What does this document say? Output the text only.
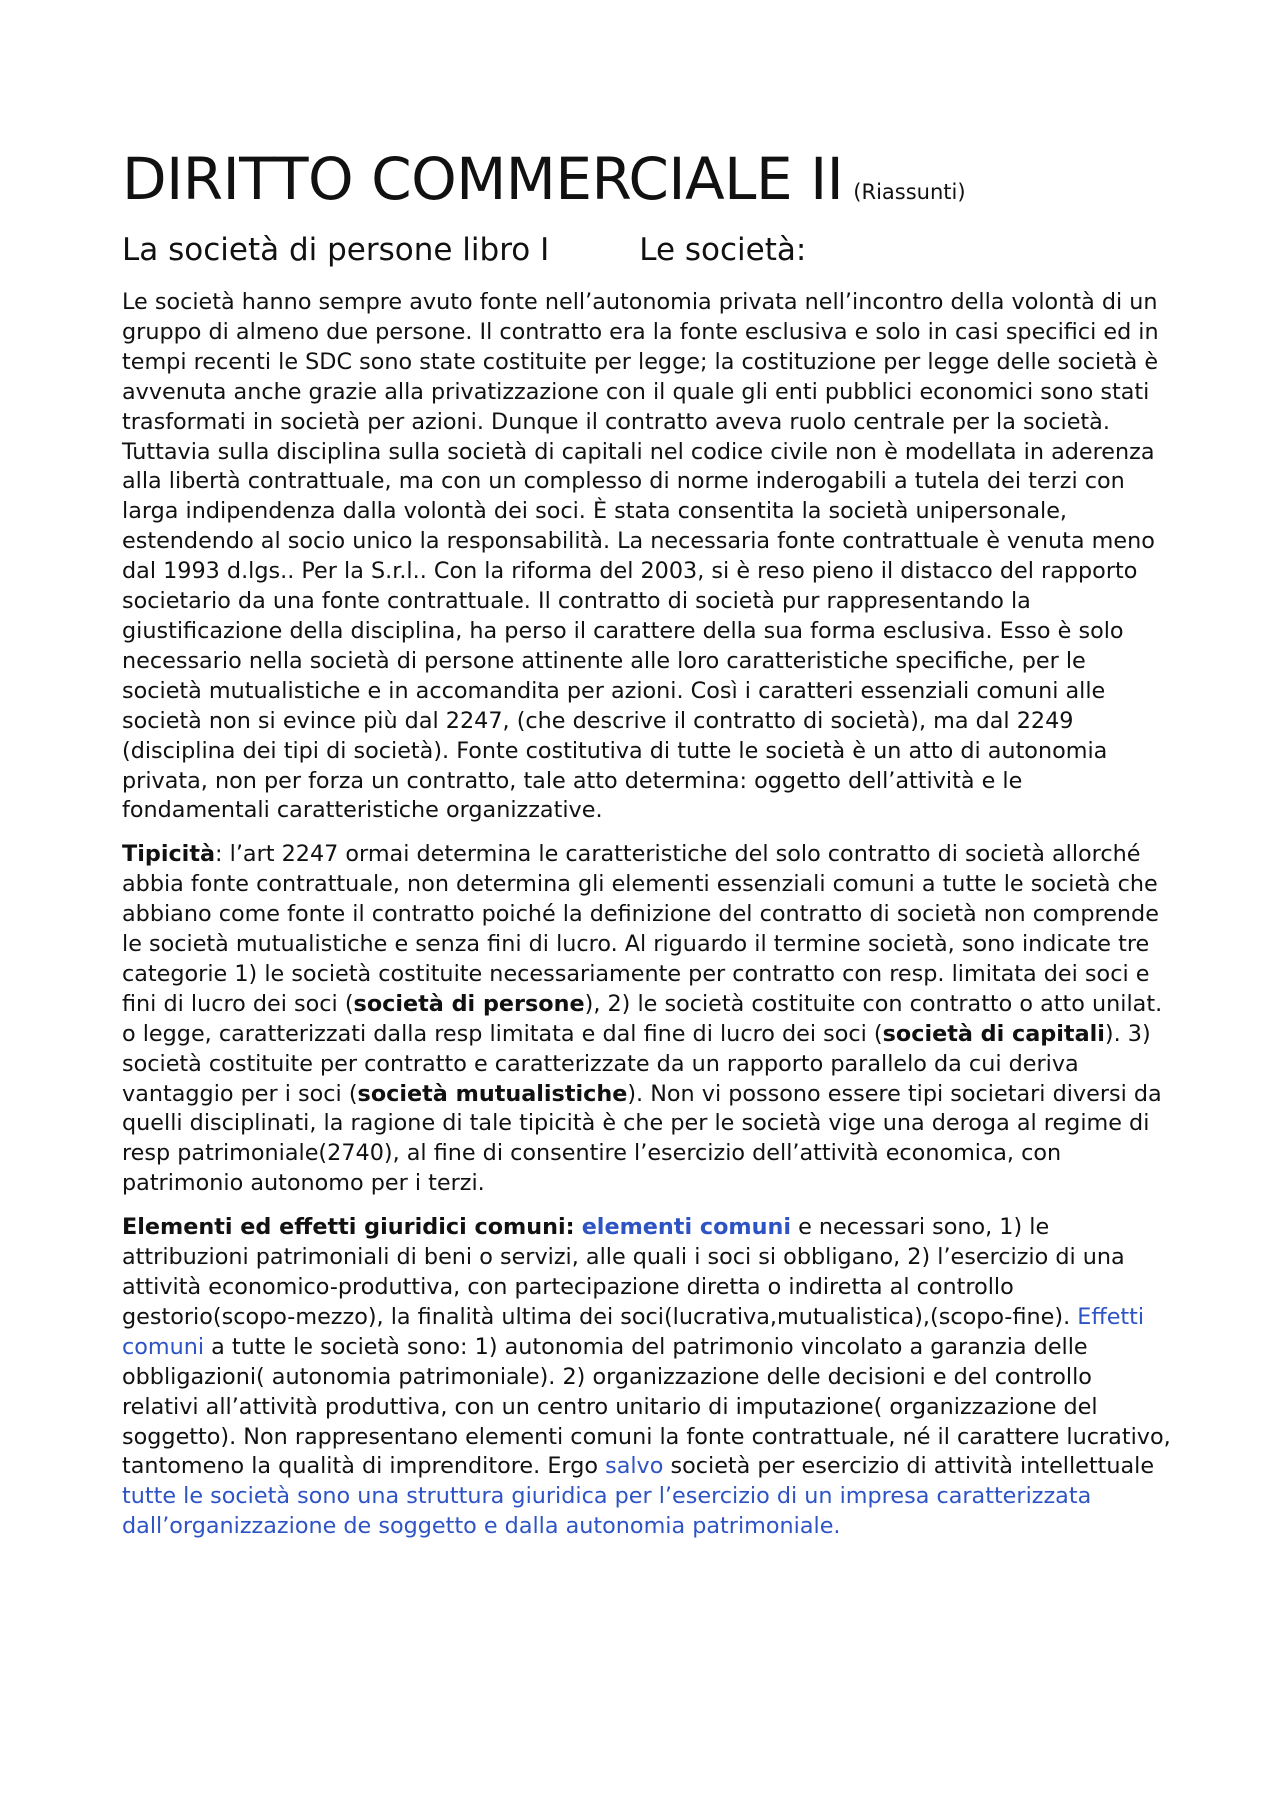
DIRITTO COMMERCIALE II (Riassunti)
La società di persone libro I	Le società:

Le società hanno sempre avuto fonte nell’autonomia privata nell’incontro della volontà di un gruppo di almeno due persone. Il contratto era la fonte esclusiva e solo in casi specifici ed in tempi recenti le SDC sono state costituite per legge; la costituzione per legge delle società è avvenuta anche grazie alla privatizzazione con il quale gli enti pubblici economici sono stati trasformati in società per azioni. Dunque il contratto aveva ruolo centrale per la società. Tuttavia sulla disciplina sulla società di capitali nel codice civile non è modellata in aderenza alla libertà contrattuale, ma con un complesso di norme inderogabili a tutela dei terzi con larga indipendenza dalla volontà dei soci. È stata consentita la società unipersonale, estendendo al socio unico la responsabilità. La necessaria fonte contrattuale è venuta meno dal 1993 d.lgs.. Per la S.r.l.. Con la riforma del 2003, si è reso pieno il distacco del rapporto societario da una fonte contrattuale. Il contratto di società pur rappresentando la giustificazione della disciplina, ha perso il carattere della sua forma esclusiva. Esso è solo necessario nella società di persone attinente alle loro caratteristiche specifiche, per le società mutualistiche e in accomandita per azioni. Così i caratteri essenziali comuni alle società non si evince più dal 2247, (che descrive il contratto di società), ma dal 2249 (disciplina dei tipi di società). Fonte costitutiva di tutte le società è un atto di autonomia privata, non per forza un contratto, tale atto determina: oggetto dell’attività e le fondamentali caratteristiche organizzative.

Tipicità: l’art 2247 ormai determina le caratteristiche del solo contratto di società allorché abbia fonte contrattuale, non determina gli elementi essenziali comuni a tutte le società che abbiano come fonte il contratto poiché la definizione del contratto di società non comprende le società mutualistiche e senza fini di lucro. Al riguardo il termine società, sono indicate tre categorie 1) le società costituite necessariamente per contratto con resp. limitata dei soci e fini di lucro dei soci (società di persone), 2) le società costituite con contratto o atto unilat. o legge, caratterizzati dalla resp limitata e dal fine di lucro dei soci (società di capitali). 3) società costituite per contratto e caratterizzate da un rapporto parallelo da cui deriva vantaggio per i soci (società mutualistiche). Non vi possono essere tipi societari diversi da quelli disciplinati, la ragione di tale tipicità è che per le società vige una deroga al regime di resp patrimoniale(2740), al fine di consentire l’esercizio dell’attività economica, con patrimonio autonomo per i terzi.

Elementi ed effetti giuridici comuni: elementi comuni e necessari sono, 1) le attribuzioni patrimoniali di beni o servizi, alle quali i soci si obbligano, 2) l’esercizio di una attività economico-produttiva, con partecipazione diretta o indiretta al controllo gestorio(scopo-mezzo), la finalità ultima dei soci(lucrativa,mutualistica),(scopo-fine). Effetti comuni a tutte le società sono: 1) autonomia del patrimonio vincolato a garanzia delle obbligazioni( autonomia patrimoniale). 2) organizzazione delle decisioni e del controllo relativi all’attività produttiva, con un centro unitario di imputazione( organizzazione del soggetto). Non rappresentano elementi comuni la fonte contrattuale, né il carattere lucrativo, tantomeno la qualità di imprenditore. Ergo salvo società per esercizio di attività intellettuale tutte le società sono una struttura giuridica per l’esercizio di un impresa caratterizzata dall’organizzazione de soggetto e dalla autonomia patrimoniale.
